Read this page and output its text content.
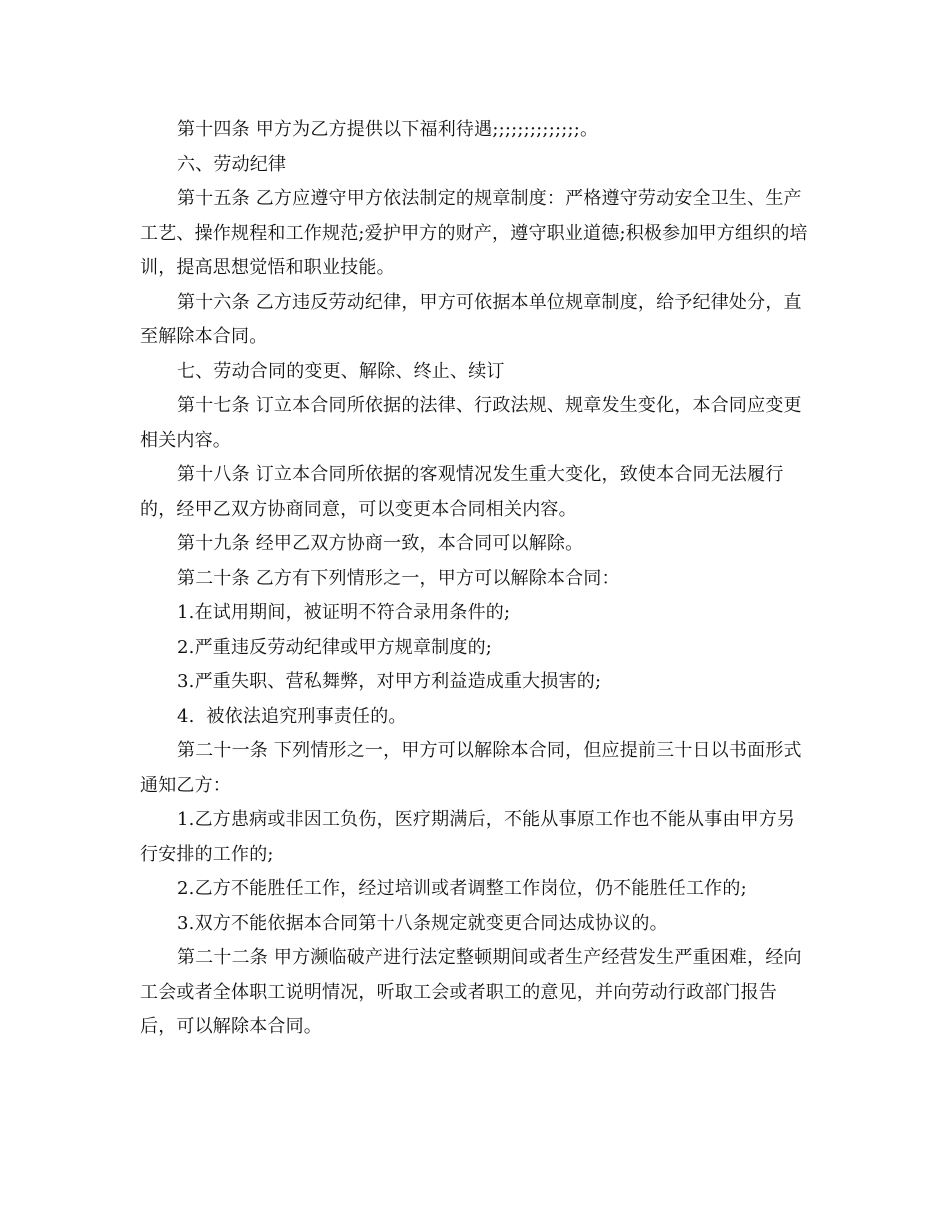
第十四条 甲方为乙方提供以下福利待遇;;;;;;;;;;;;;;。

六、劳动纪律

第十五条 乙方应遵守甲方依法制定的规章制度：严格遵守劳动安全卫生、生产工艺、操作规程和工作规范;爱护甲方的财产，遵守职业道德;积极参加甲方组织的培训，提高思想觉悟和职业技能。

第十六条 乙方违反劳动纪律，甲方可依据本单位规章制度，给予纪律处分，直至解除本合同。

七、劳动合同的变更、解除、终止、续订

第十七条 订立本合同所依据的法律、行政法规、规章发生变化，本合同应变更相关内容。

第十八条 订立本合同所依据的客观情况发生重大变化，致使本合同无法履行的，经甲乙双方协商同意，可以变更本合同相关内容。

第十九条 经甲乙双方协商一致，本合同可以解除。

第二十条 乙方有下列情形之一，甲方可以解除本合同：

1.在试用期间，被证明不符合录用条件的;

2.严重违反劳动纪律或甲方规章制度的;

3.严重失职、营私舞弊，对甲方利益造成重大损害的;

4.  被依法追究刑事责任的。

第二十一条 下列情形之一，甲方可以解除本合同，但应提前三十日以书面形式通知乙方：

1.乙方患病或非因工负伤，医疗期满后，不能从事原工作也不能从事由甲方另行安排的工作的;

2.乙方不能胜任工作，经过培训或者调整工作岗位，仍不能胜任工作的;

3.双方不能依据本合同第十八条规定就变更合同达成协议的。

第二十二条 甲方濒临破产进行法定整顿期间或者生产经营发生严重困难，经向工会或者全体职工说明情况，听取工会或者职工的意见，并向劳动行政部门报告后，可以解除本合同。
